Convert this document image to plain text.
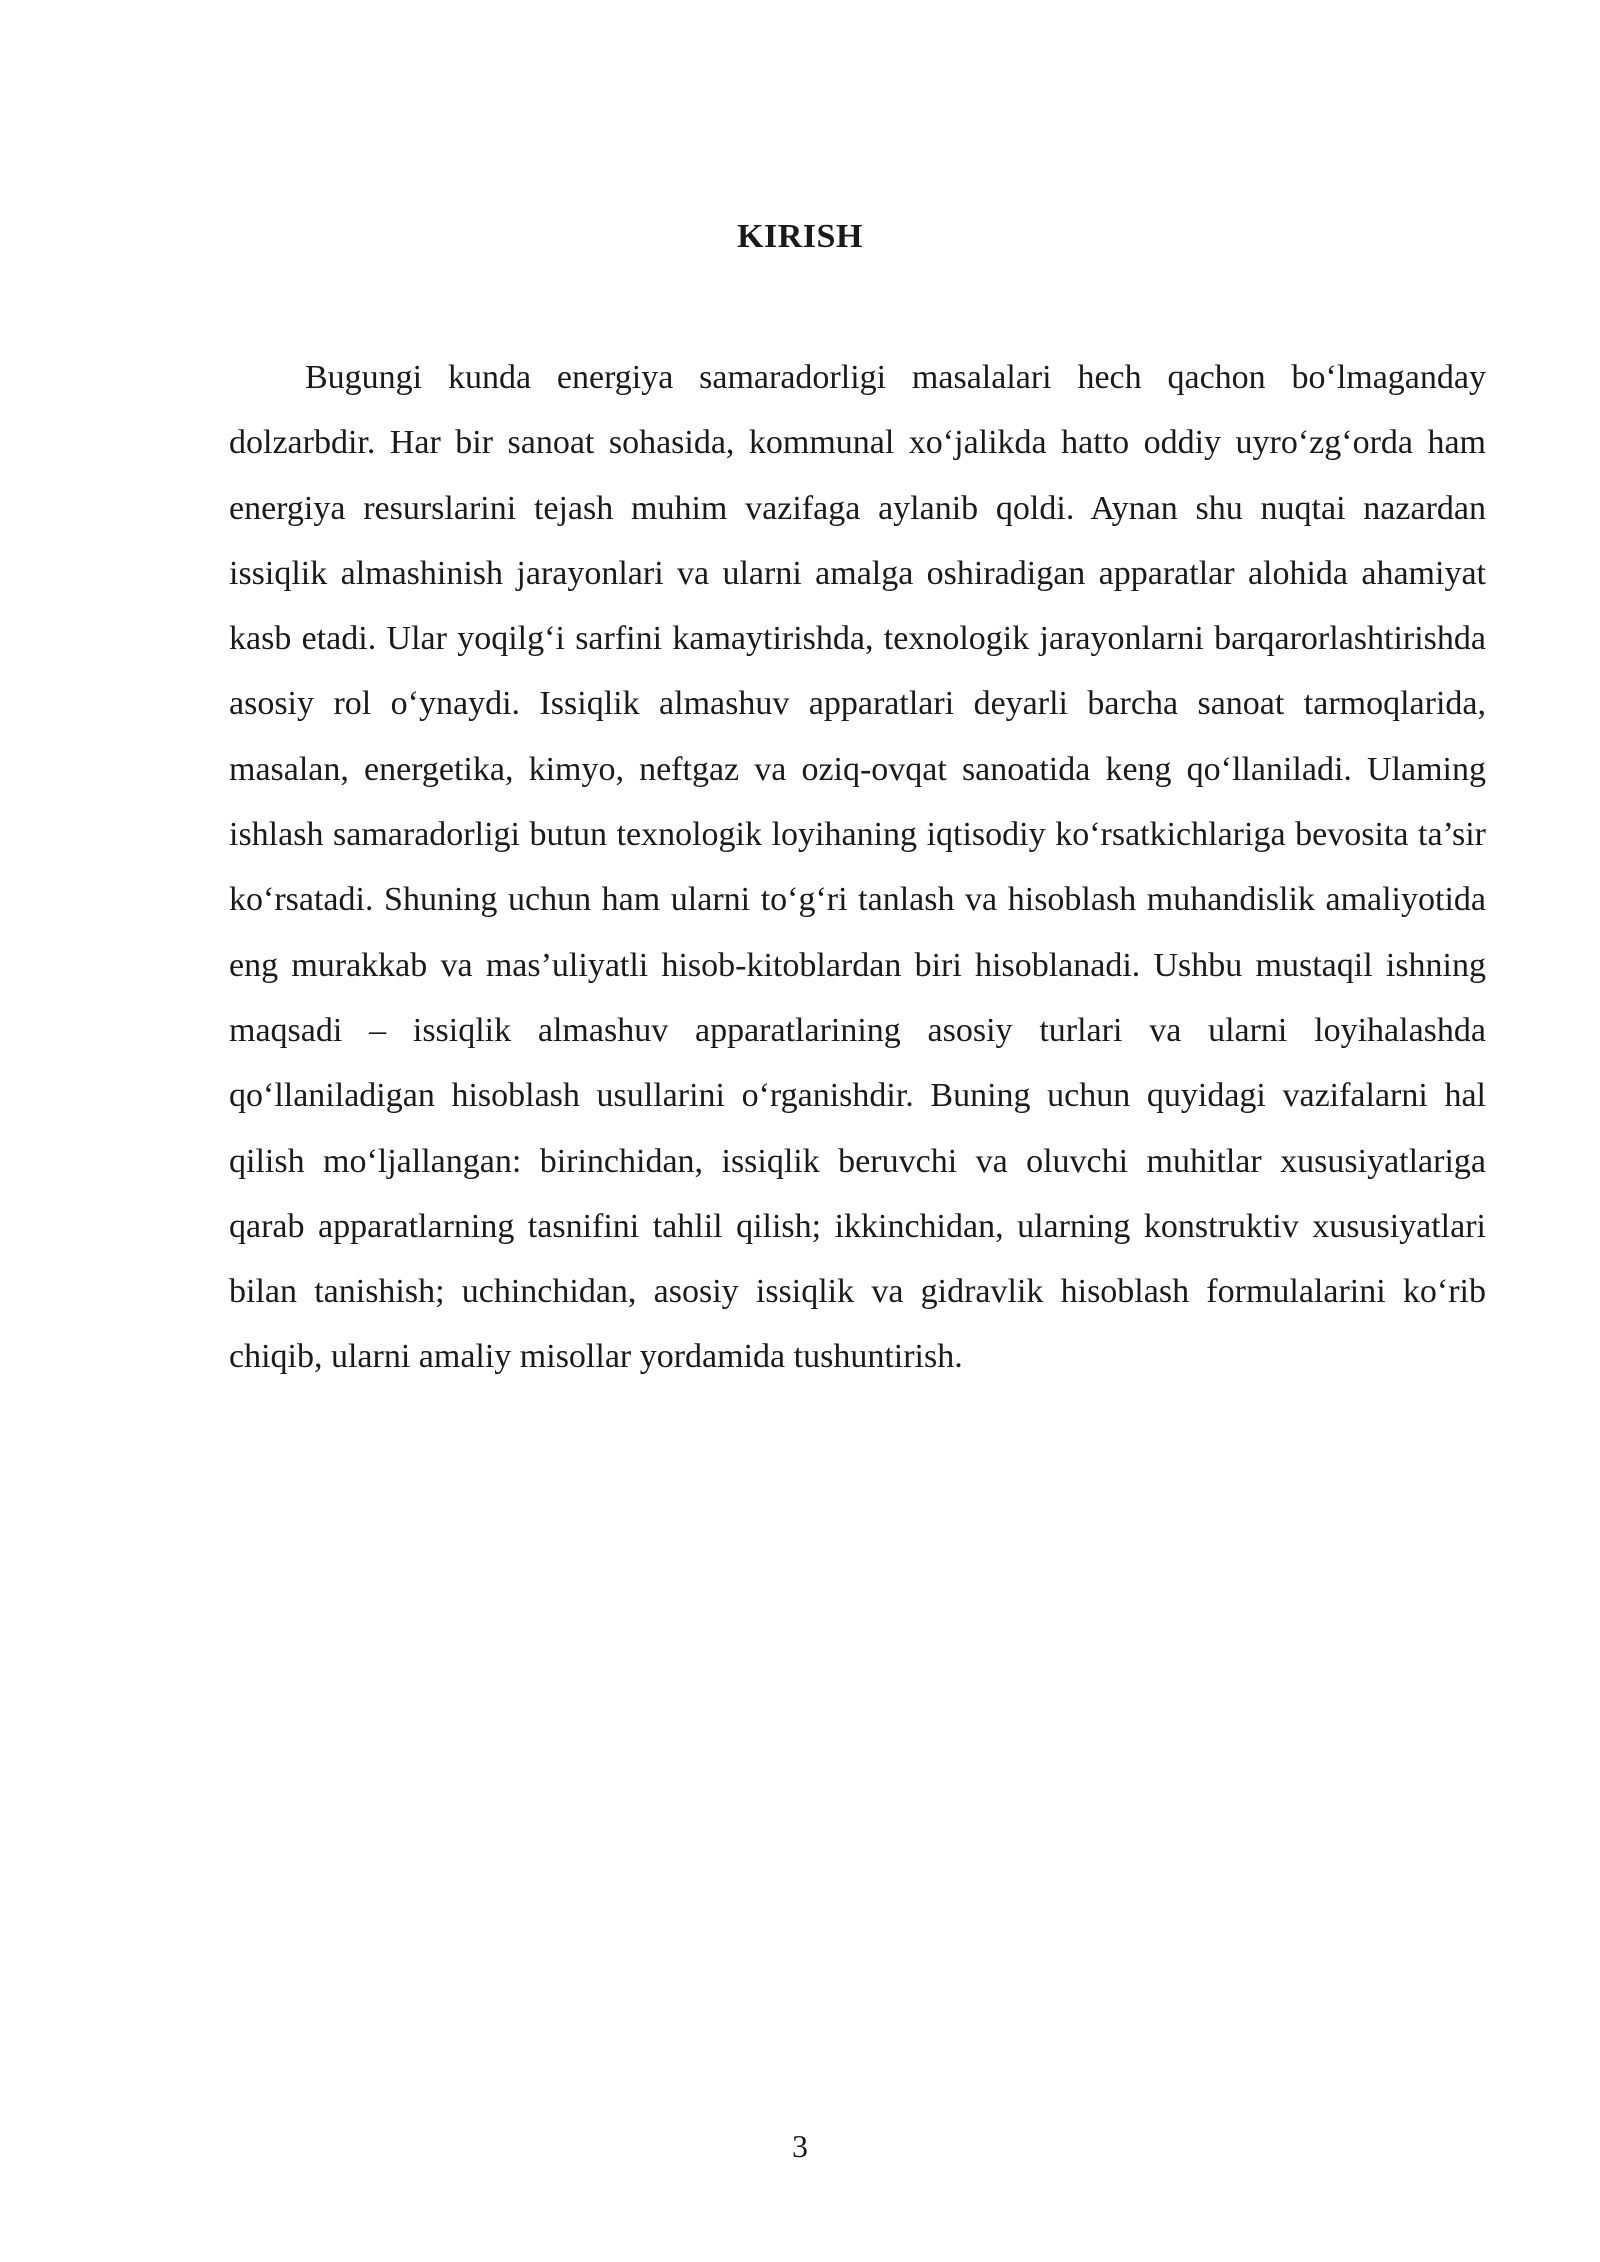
KIRISH

Bugungi kunda energiya samaradorligi masalalari hech qachon bo‘lmaganday dolzarbdir. Har bir sanoat sohasida, kommunal xo‘jalikda hatto oddiy uyro‘zg‘orda ham energiya resurslarini tejash muhim vazifaga aylanib qoldi. Aynan shu nuqtai nazardan issiqlik almashinish jarayonlari va ularni amalga oshiradigan apparatlar alohida ahamiyat kasb etadi. Ular yoqilg‘i sarfini kamaytirishda, texnologik jarayonlarni barqarorlashtirishda asosiy rol o‘ynaydi. Issiqlik almashuv apparatlari deyarli barcha sanoat tarmoqlarida, masalan, energetika, kimyo, neftgaz va oziq-ovqat sanoatida keng qo‘llaniladi. Ulaming ishlash samaradorligi butun texnologik loyihaning iqtisodiy ko‘rsatkichlariga bevosita ta’sir ko‘rsatadi. Shuning uchun ham ularni to‘g‘ri tanlash va hisoblash muhandislik amaliyotida eng murakkab va mas’uliyatli hisob-kitoblardan biri hisoblanadi. Ushbu mustaqil ishning maqsadi – issiqlik almashuv apparatlarining asosiy turlari va ularni loyihalashda qo‘llaniladigan hisoblash usullarini o‘rganishdir. Buning uchun quyidagi vazifalarni hal qilish mo‘ljallangan: birinchidan, issiqlik beruvchi va oluvchi muhitlar xususiyatlariga qarab apparatlarning tasnifini tahlil qilish; ikkinchidan, ularning konstruktiv xususiyatlari bilan tanishish; uchinchidan, asosiy issiqlik va gidravlik hisoblash formulalarini ko‘rib chiqib, ularni amaliy misollar yordamida tushuntirish.

3
